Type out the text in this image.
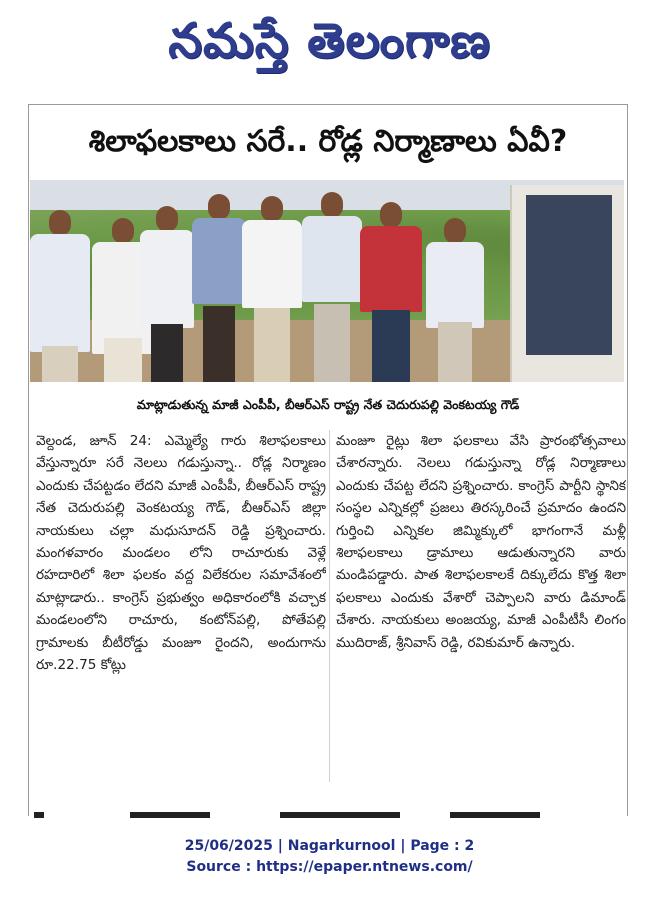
నమస్తే తెలంగాణ
శిలాఫలకాలు సరే.. రోడ్ల నిర్మాణాలు ఏవీ?
మాట్లాడుతున్న మాజీ ఎంపీపీ, బీఆర్ఎస్ రాష్ట్ర నేత చెదురుపల్లి వెంకటయ్య గౌడ్
వెల్దండ, జూన్ 24: ఎమ్మెల్యే గారు శిలాఫలకాలు వేస్తున్నారూ సరే నెలలు గడుస్తున్నా.. రోడ్ల నిర్మాణం ఎందుకు చేపట్టడం లేదని మాజీ ఎంపీపీ, బీఆర్ఎస్ రాష్ట్ర నేత చెదురుపల్లి వెంకటయ్య గౌడ్, బీఆర్ఎస్ జిల్లా నాయకులు చల్లా మధుసూదన్ రెడ్డి ప్రశ్నించారు. మంగళవారం మండలం లోని రాచూరుకు వెళ్లే రహదారిలో శిలా ఫలకం వద్ద విలేకరుల సమావేశంలో మాట్లాడారు.. కాంగ్రెస్ ప్రభుత్వం అధికారంలోకి వచ్చాక మండలంలోని రాచూరు, కంటోన్‌పల్లి, పోతేపల్లి గ్రామాలకు బీటీరోడ్డు మంజూ రైందని, అందుగాను రూ.22.75 కోట్లు
మంజూ రైట్లు శిలా ఫలకాలు వేసి ప్రారంభోత్సవాలు చేశారన్నారు. నెలలు గడుస్తున్నా రోడ్ల నిర్మాణాలు ఎందుకు చేపట్ట లేదని ప్రశ్నించారు. కాంగ్రెస్ పార్టీని స్థానిక సంస్థల ఎన్నికల్లో ప్రజలు తిరస్కరించే ప్రమాదం ఉందని గుర్తించి ఎన్నికల జిమ్మిక్కులో భాగంగానే మళ్లీ శిలాఫలకాలు డ్రామాలు ఆడుతున్నారని వారు మండిపడ్డారు. పాత శిలాఫలకాలకే దిక్కులేదు కొత్త శిలా ఫలకాలు ఎందుకు వేశారో చెప్పాలని వారు డిమాండ్ చేశారు. నాయకులు అంజయ్య, మాజీ ఎంపీటీసీ లింగం ముదిరాజ్, శ్రీనివాస్ రెడ్డి, రవికుమార్ ఉన్నారు.
25/06/2025 | Nagarkurnool | Page : 2
Source : https://epaper.ntnews.com/
